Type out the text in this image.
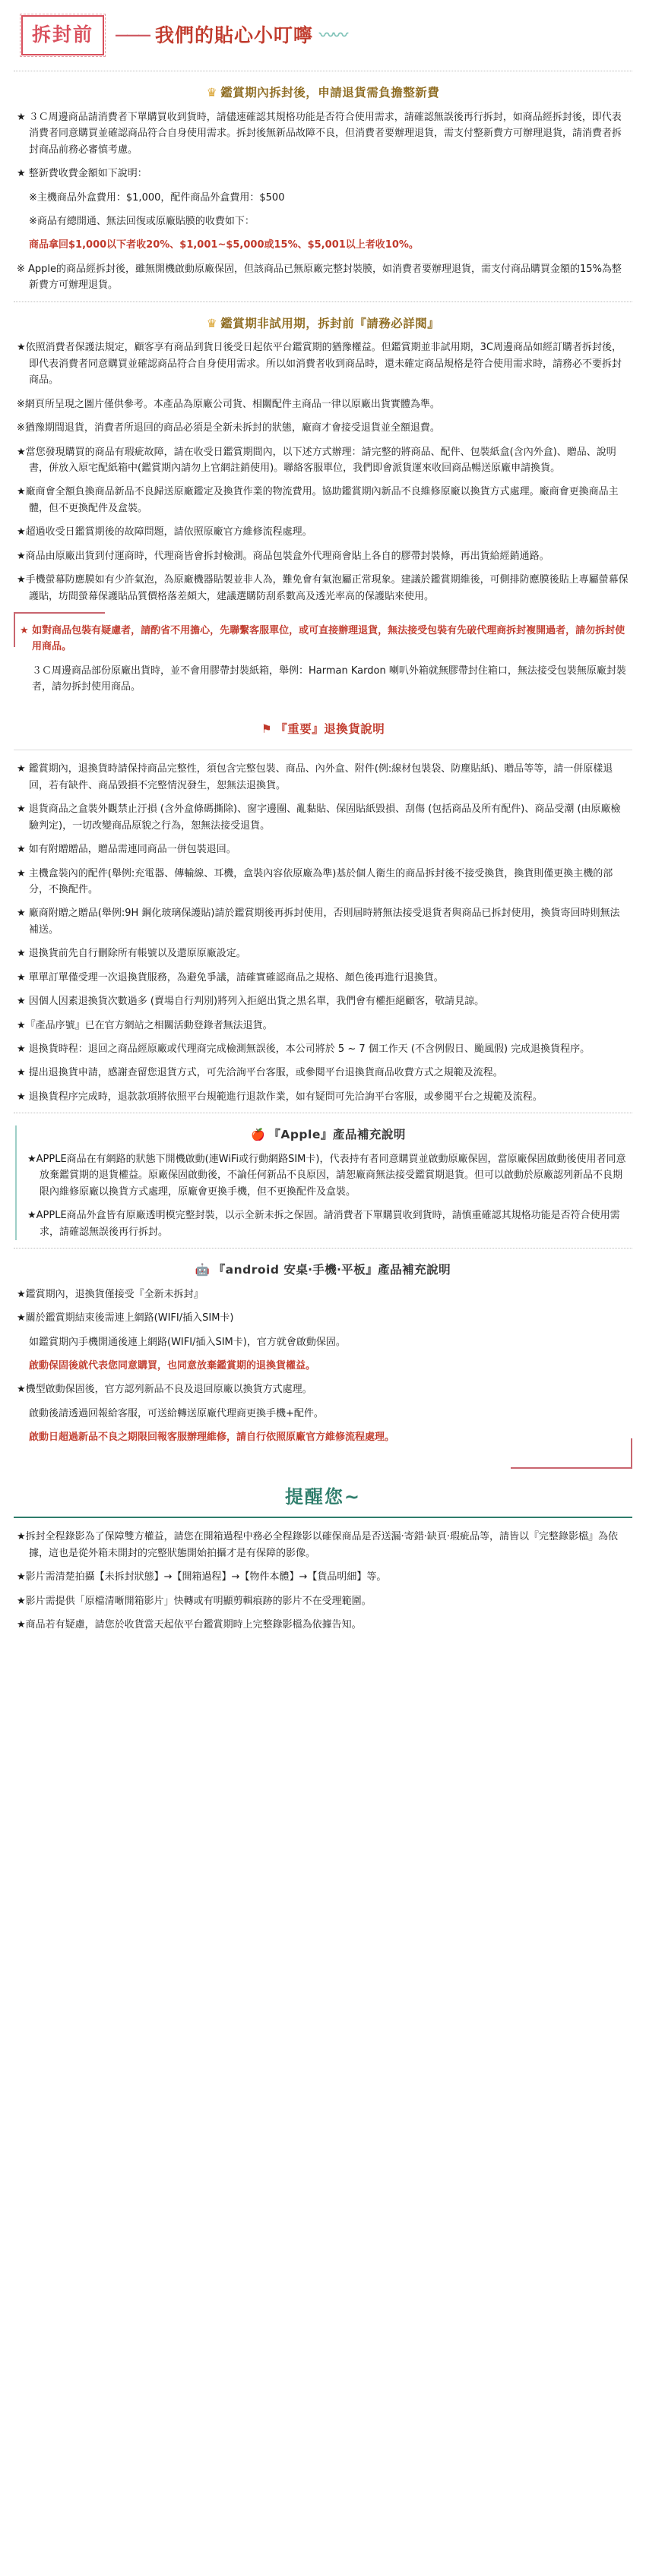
拆封前	——— 我們的貼心小叮嚀 〰〰
♛ 鑑賞期內拆封後，申請退貨需負擔整新費

★ ３Ｃ周邊商品請消費者下單購買收到貨時，請儘速確認其規格功能是否符合使用需求，請確認無誤後再行拆封，如商品經拆封後，即代表消費者同意購買並確認商品符合自身使用需求。拆封後無新品故障不良，但消費者要辦理退貨，需支付整新費方可辦理退貨，請消費者拆封商品前務必審慎考慮。

★ 整新費收費金額如下說明：

※主機商品外盒費用：$1,000，配件商品外盒費用：$500

※商品有總開通、無法回復或原廠貼膜的收費如下：

商品拿回$1,000以下者收20%、$1,001~$5,000或15%、$5,001以上者收10%。

※ Apple的商品經拆封後，雖無開機啟動原廠保固，但該商品已無原廠完整封裝膜，如消費者要辦理退貨，需支付商品購買金額的15%為整新費方可辦理退貨。

♛ 鑑賞期非試用期，拆封前『請務必詳閱』

★依照消費者保護法規定，顧客享有商品到貨日後受日起依平台鑑賞期的猶豫權益。但鑑賞期並非試用期，3C周邊商品如經訂購者拆封後，即代表消費者同意購買並確認商品符合自身使用需求。所以如消費者收到商品時，還未確定商品規格是符合使用需求時，請務必不要拆封商品。

※網頁所呈現之圖片僅供參考。本產品為原廠公司貨、相關配件主商品一律以原廠出貨實體為準。

※猶豫期間退貨，消費者所退回的商品必須是全新未拆封的狀態，廠商才會接受退貨並全額退費。

★當您發現購買的商品有瑕疵故障，請在收受日鑑賞期間內，以下述方式辦理：請完整的將商品、配件、包裝紙盒(含內外盒)、贈品、說明書，併放入原宅配紙箱中(鑑賞期內請勿上官網註銷使用)。聯絡客服單位，我們即會派貨運來收回商品暢送原廠申請換貨。

★廠商會全額負換商品新品不良歸送原廠鑑定及換貨作業的物流費用。協助鑑賞期內新品不良維修原廠以換貨方式處理。廠商會更換商品主體，但不更換配件及盒裝。

★超過收受日鑑賞期後的故障問題，請依照原廠官方維修流程處理。

★商品由原廠出貨到付運商時，代理商皆會拆封檢測。商品包裝盒外代理商會貼上各自的膠帶封裝條，再出貨給經銷通路。

★手機螢幕防應膜如有少許氣泡，為原廠機器貼製並非人為，難免會有氣泡屬正常現象。建議於鑑賞期維後，可側排防應膜後貼上專屬螢幕保護貼，坊間螢幕保護貼品質價格落差頗大，建議選購防刮系數高及透光率高的保護貼來使用。

★ 如對商品包裝有疑慮者，請酌省不用擔心，先聯繫客服單位，或可直接辦理退貨，無法接受包裝有先破代理商拆封複開過者，請勿拆封使用商品。

３Ｃ周邊商品部份原廠出貨時，並不會用膠帶封裝紙箱，舉例：Harman Kardon 喇叭外箱就無膠帶封住箱口，無法接受包裝無原廠封裝者，請勿拆封使用商品。

⚑ 『重要』退換貨說明

★ 鑑賞期內，退換貨時請保持商品完整性，須包含完整包裝、商品、內外盒、附件(例:線材包裝袋、防塵貼紙)、贈品等等，請一併原樣退回，若有缺件、商品毀損不完整情況發生，恕無法退換貨。

★ 退貨商品之盒裝外觀禁止汙損 (含外盒條碼撕除)、窗字邊圈、亂黏貼、保固貼紙毀損、刮傷 (包括商品及所有配件)、商品受潮 (由原廠檢驗判定)，一切改變商品原貌之行為，恕無法接受退貨。

★ 如有附贈贈品，贈品需連同商品一併包裝退回。

★ 主機盒裝內的配件(舉例:充電器、傳輸線、耳機，盒裝內容依原廠為準)基於個人衛生的商品拆封後不接受換貨，換貨則僅更換主機的部分，不換配件。

★ 廠商附贈之贈品(舉例:9H 鋼化玻璃保護貼)請於鑑賞期後再拆封使用，否則屆時將無法接受退貨者與商品已拆封使用，換貨寄回時則無法補送。

★ 退換貨前先自行刪除所有帳號以及還原原廠設定。

★ 單單訂單僅受理一次退換貨服務，為避免爭議，請確實確認商品之規格、顏色後再進行退換貨。

★ 因個人因素退換貨次數過多 (賣場自行判別)將列入拒絕出貨之黑名單，我們會有權拒絕顧客，敬請見諒。

★『產品序號』已在官方網站之相關活動登錄者無法退貨。

★ 退換貨時程：退回之商品經原廠或代理商完成檢測無誤後，本公司將於 5 ~ 7 個工作天 (不含例假日、颱風假) 完成退換貨程序。

★ 提出退換貨申請，感謝查留您退貨方式，可先洽詢平台客服，或參閱平台退換貨商品收費方式之規範及流程。

★ 退換貨程序完成時，退款款項將依照平台規範進行退款作業，如有疑問可先洽詢平台客服，或參閱平台之規範及流程。

🍎 『Apple』產品補充說明

★APPLE商品在有網路的狀態下開機啟動(連WiFi或行動網路SIM卡)，代表持有者同意購買並啟動原廠保固，當原廠保固啟動後使用者同意放棄鑑賞期的退貨權益。原廠保固啟動後，不論任何新品不良原因，請恕廠商無法接受鑑賞期退貨。但可以啟動於原廠認列新品不良期限內維修原廠以換貨方式處理，原廠會更換手機，但不更換配件及盒裝。

★APPLE商品外盒皆有原廠透明模完整封裝，以示全新未拆之保固。請消費者下單購買收到貨時，請慎重確認其規格功能是否符合使用需求，請確認無誤後再行拆封。

🤖 『android 安桌‧手機‧平板』產品補充說明

★鑑賞期內，退換貨僅接受『全新未拆封』

★關於鑑賞期結束後需連上網路(WIFI/插入SIM卡)

如鑑賞期內手機開通後連上網路(WIFI/插入SIM卡)，官方就會啟動保固。

啟動保固後就代表您同意購買，也同意放棄鑑賞期的退換貨權益。

★機型啟動保固後，官方認列新品不良及退回原廠以換貨方式處理。

啟動後請透過回報給客服，可送給轉送原廠代理商更換手機+配件。

啟動日超過新品不良之期限回報客服辦理維修，請自行依照原廠官方維修流程處理。

提醒您~

★拆封全程錄影為了保障雙方權益，請您在開箱過程中務必全程錄影以確保商品是否送漏‧寄錯‧缺頁‧瑕疵品等，請皆以『完整錄影檔』為依據，這也是從外箱未開封的完整狀態開始拍攝才是有保障的影像。

★影片需清楚拍攝【未拆封狀態】→【開箱過程】→【物件本體】→【貨品明細】等。

★影片需提供「原檔清晰開箱影片」快轉或有明顯剪輯痕跡的影片不在受理範圍。

★商品若有疑慮，請您於收貨當天起依平台鑑賞期時上完整錄影檔為依據告知。
